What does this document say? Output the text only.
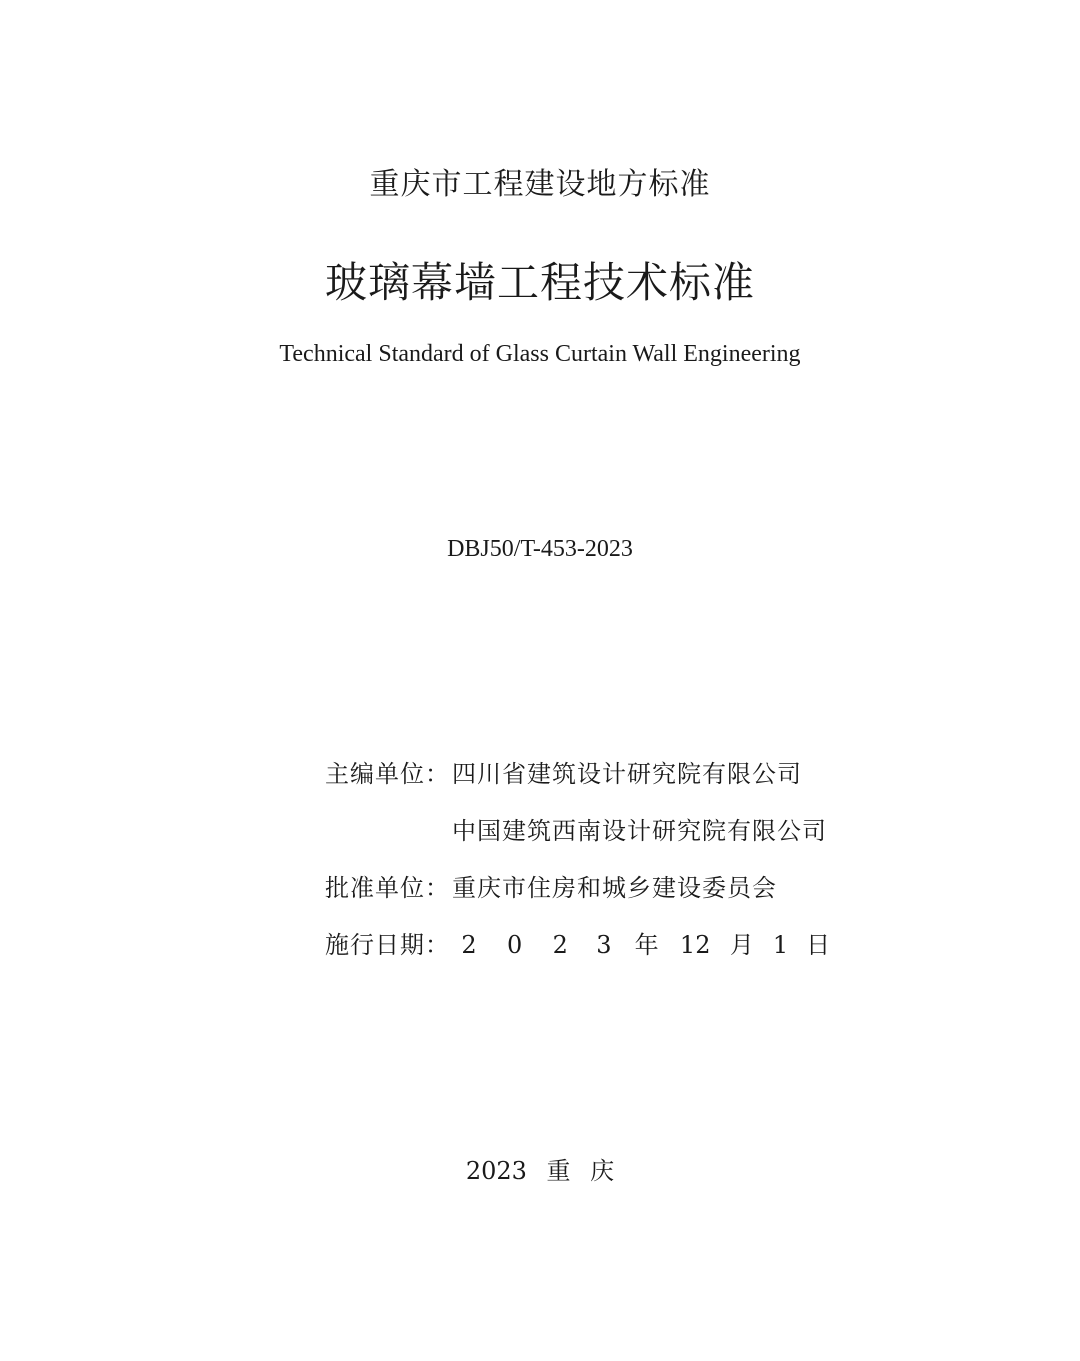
重庆市工程建设地方标准
玻璃幕墙工程技术标准
Technical Standard of Glass Curtain Wall Engineering
DBJ50/T-453-2023
主编单位： 四川省建筑设计研究院有限公司
中国建筑西南设计研究院有限公司
批准单位： 重庆市住房和城乡建设委员会
施行日期： 2 0 2 3 年 12 月 1 日
2023 重 庆
